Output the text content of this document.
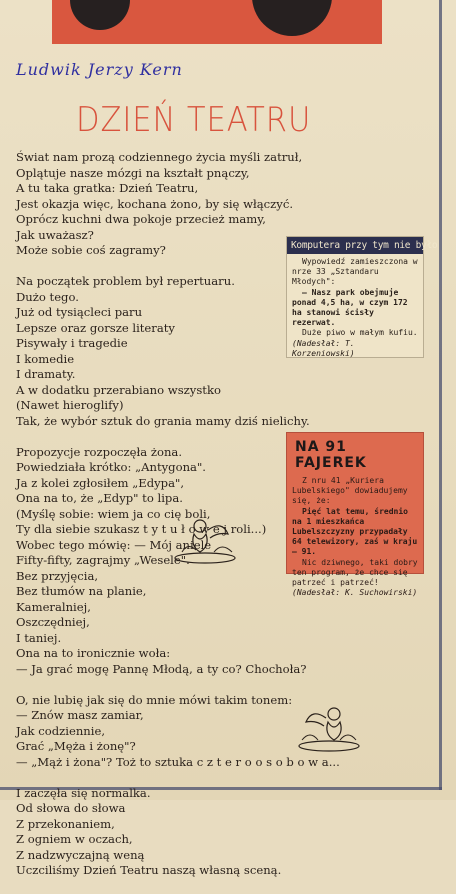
Ludwik Jerzy Kern
DZIEŃ TEATRU
Świat nam prozą codziennego życia myśli zatruł,
Oplątuje nasze mózgi na kształt pnączy,
A tu taka gratka: Dzień Teatru,
Jest okazja więc, kochana żono, by się włączyć.
Oprócz kuchni dwa pokoje przecież mamy,
Jak uważasz?
Może sobie coś zagramy?
Na początek problem był repertuaru.
Dużo tego.
Już od tysiącleci paru
Lepsze oraz gorsze literaty
Pisywały i tragedie
I komedie
I dramaty.
A w dodatku przerabiano wszystko
(Nawet hieroglify)
Tak, że wybór sztuk do grania mamy dziś nielichy.
Propozycje rozpoczęła żona.
Powiedziała krótko: „Antygona".
Ja z kolei zgłosiłem „Edypa",
Ona na to, że „Edyp" to lipa.
(Myślę sobie: wiem ja co cię boli,
Ty dla siebie szukasz t y t u ł o w e j roli...)
Wobec tego mówię: — Mój aniele
Fifty-fifty, zagrajmy „Wesele".
Bez przyjęcia,
Bez tłumów na planie,
Kameralniej,
Oszczędniej,
I taniej.
Ona na to ironicznie woła:
— Ja grać mogę Pannę Młodą, a ty co? Chochoła?
O, nie lubię jak się do mnie mówi takim tonem:
— Znów masz zamiar,
Jak codziennie,
Grać „Męża i żonę"?
— „Mąż i żona"? Toż to sztuka c z t e r o o s o b o w a...
I zaczęła się normalka.
Od słowa do słowa
Z przekonaniem,
Z ogniem w oczach,
Z nadzwyczajną weną
Uczciliśmy Dzień Teatru naszą własną sceną.
Komputera przy tym nie było

Wypowiedź zamieszczona w nrze 33 „Sztandaru Młodych":

— Nasz park obejmuje ponad 4,5 ha, w czym 172 ha stanowi ścisły rezerwat.

Duże piwo w małym kufiu.

(Nadesłał: T. Korzeniowski)

NA 91 FAJEREK

Z nru 41 „Kuriera Lubelskiego" dowiadujemy się, że:

Pięć lat temu, średnio na 1 mieszkańca Lubelszczyzny przypadały 64 telewizory, zaś w kraju — 91.

Nic dziwnego, taki dobry ten program, że chce się patrzeć i patrzeć!

(Nadesłał: K. Suchowirski)
